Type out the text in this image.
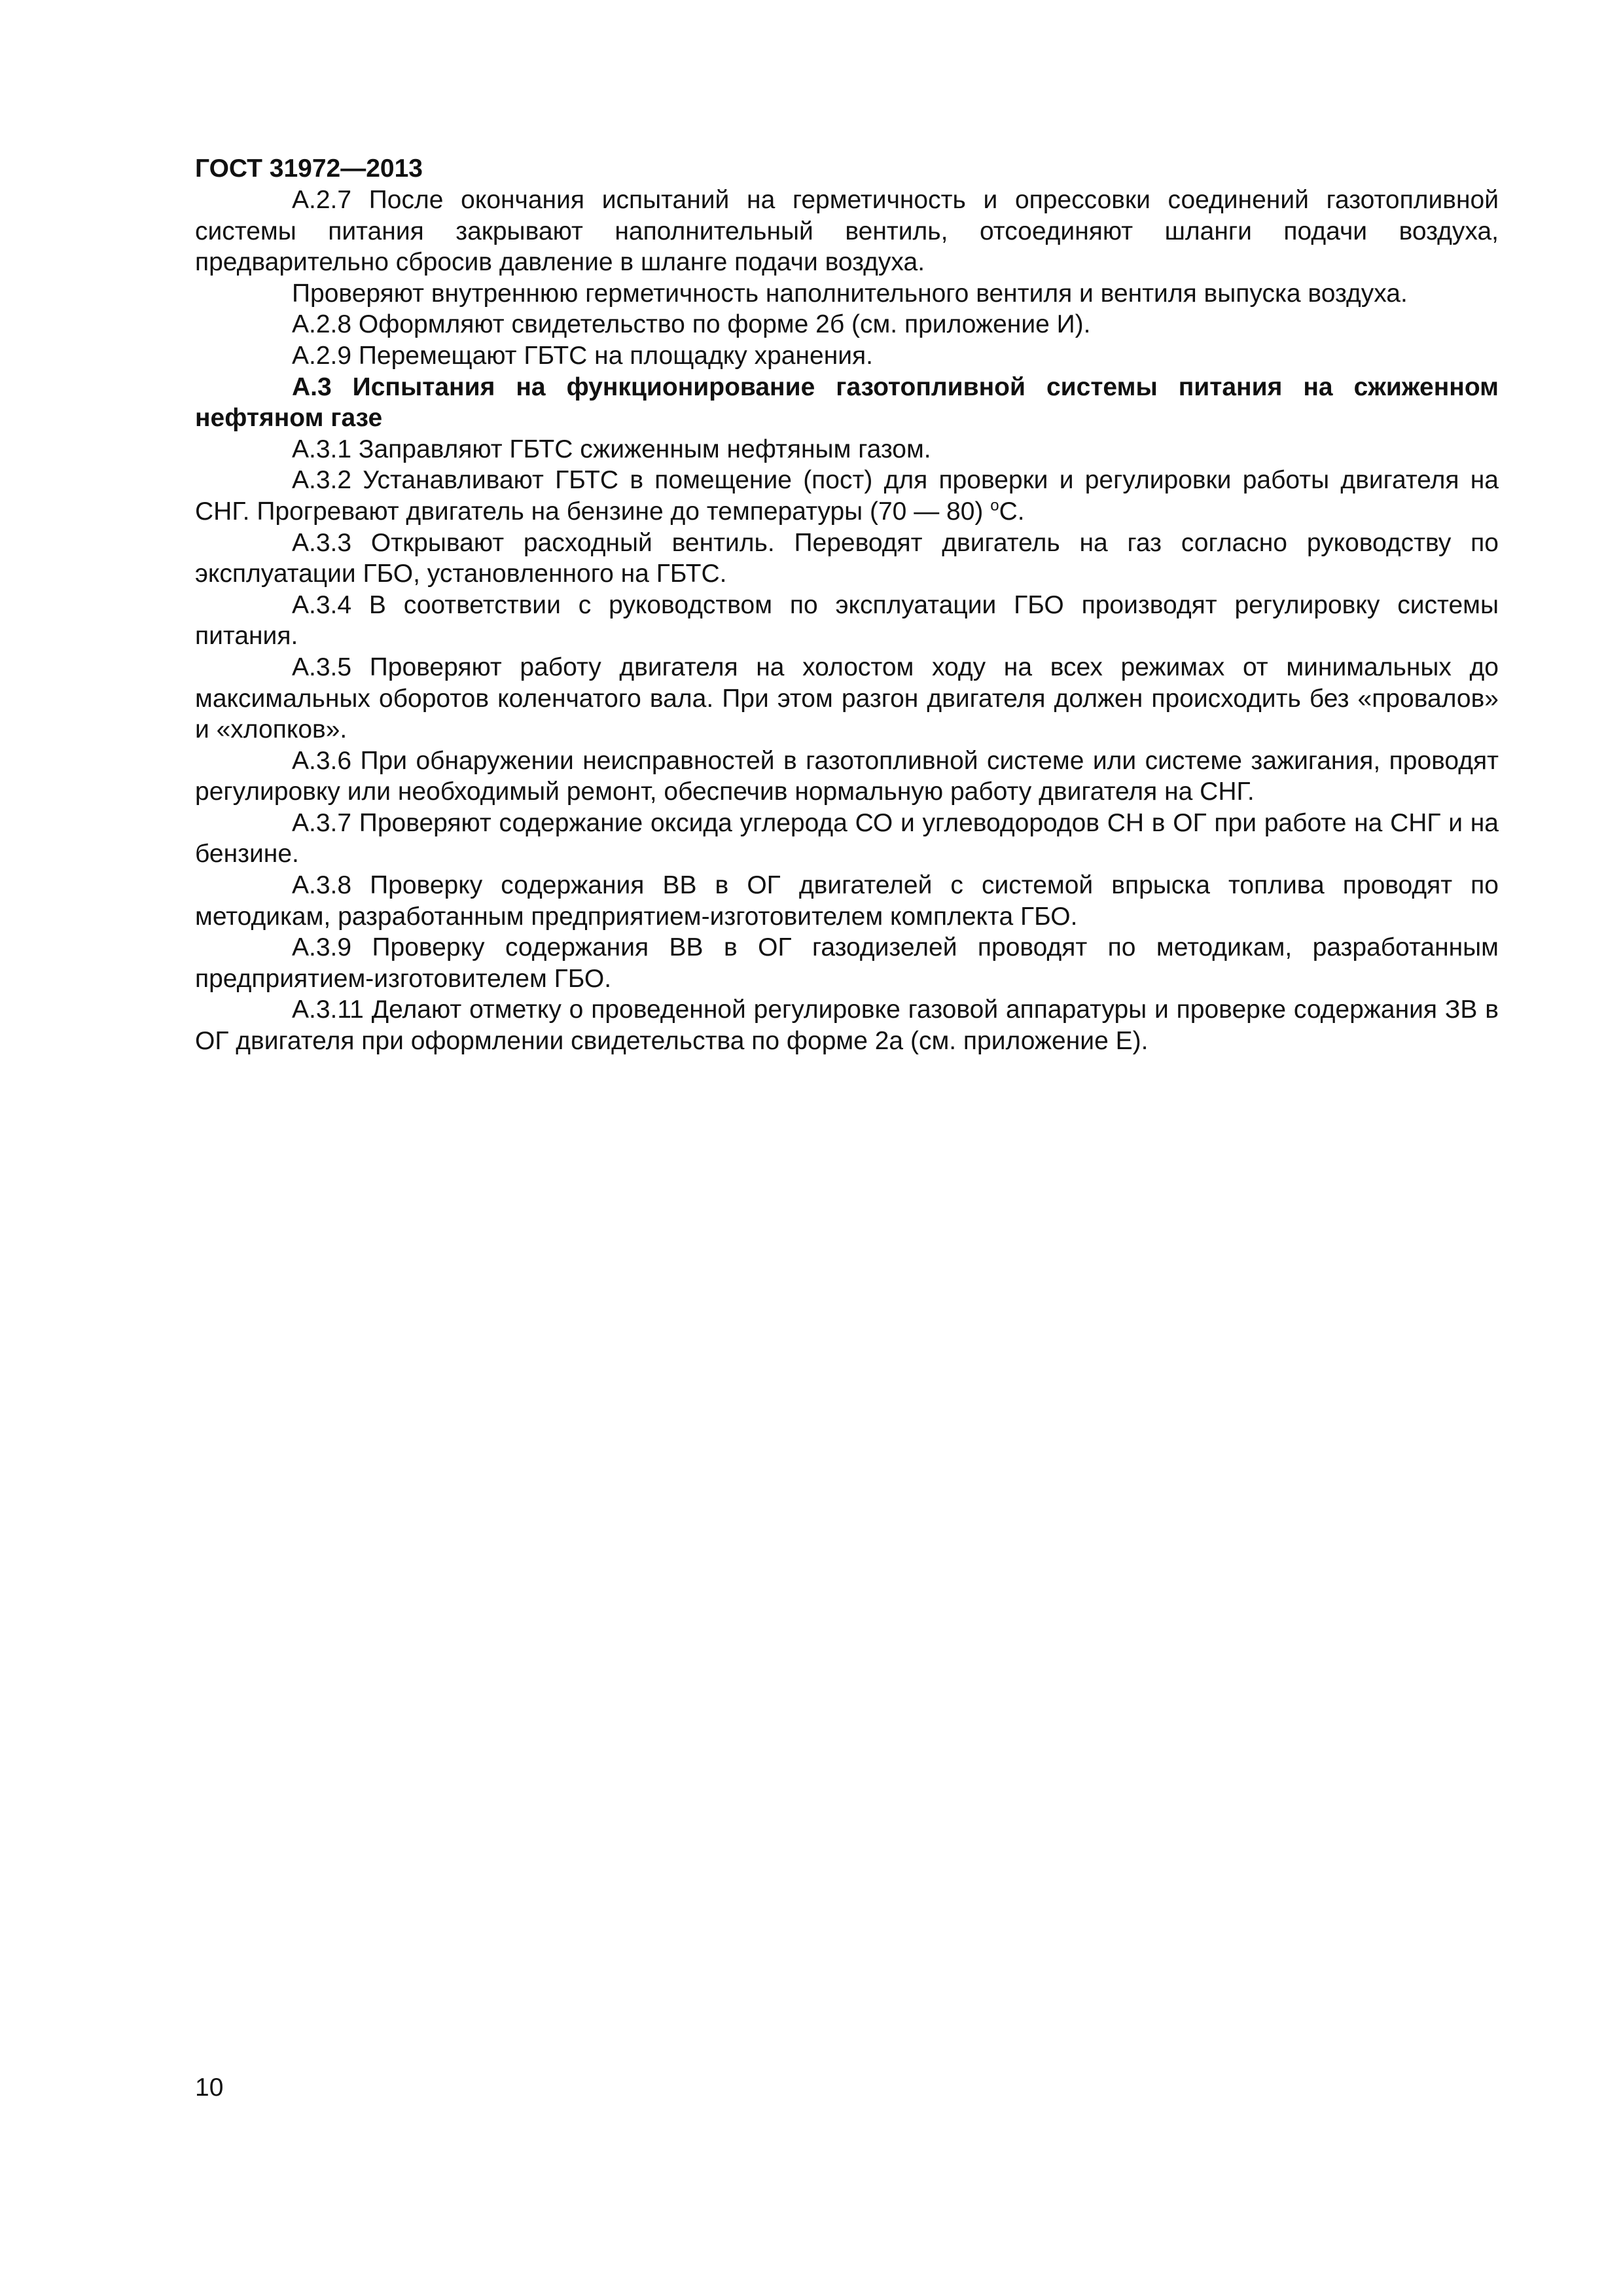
ГОСТ 31972—2013

А.2.7 После окончания испытаний на герметичность и опрессовки соединений газотопливной системы питания закрывают наполнительный вентиль, отсоединяют шланги подачи воздуха, предварительно сбросив давление в шланге подачи воздуха.

Проверяют внутреннюю герметичность наполнительного вентиля и вентиля выпуска воздуха.

А.2.8 Оформляют свидетельство по форме 2б (см. приложение И).

А.2.9 Перемещают ГБТС на площадку хранения.

А.3 Испытания на функционирование газотопливной системы питания на сжиженном нефтяном газе

А.3.1 Заправляют ГБТС сжиженным нефтяным газом.

А.3.2 Устанавливают ГБТС в помещение (пост) для проверки и регулировки работы двигателя на СНГ. Прогревают двигатель на бензине до температуры (70 — 80) $^о$С.

А.3.3 Открывают расходный вентиль. Переводят двигатель на газ согласно руководству по эксплуатации ГБО, установленного на ГБТС.

А.3.4 В соответствии с руководством по эксплуатации ГБО производят регулировку системы питания.

А.3.5 Проверяют работу двигателя на холостом ходу на всех режимах от минимальных до максимальных оборотов коленчатого вала. При этом разгон двигателя должен происходить без «провалов» и «хлопков».

А.3.6 При обнаружении неисправностей в газотопливной системе или системе зажигания, проводят регулировку или необходимый ремонт, обеспечив нормальную работу двигателя на СНГ.

А.3.7 Проверяют содержание оксида углерода СО и углеводородов СН в ОГ при работе на СНГ и на бензине.

А.3.8 Проверку содержания ВВ в ОГ двигателей с системой впрыска топлива проводят по методикам, разработанным предприятием-изготовителем комплекта ГБО.

А.3.9 Проверку содержания ВВ в ОГ газодизелей проводят по методикам, разработанным предприятием-изготовителем ГБО.

А.3.11 Делают отметку о проведенной регулировке газовой аппаратуры и проверке содержания ЗВ в ОГ двигателя при оформлении свидетельства по форме 2а (см. приложение Е).

10
